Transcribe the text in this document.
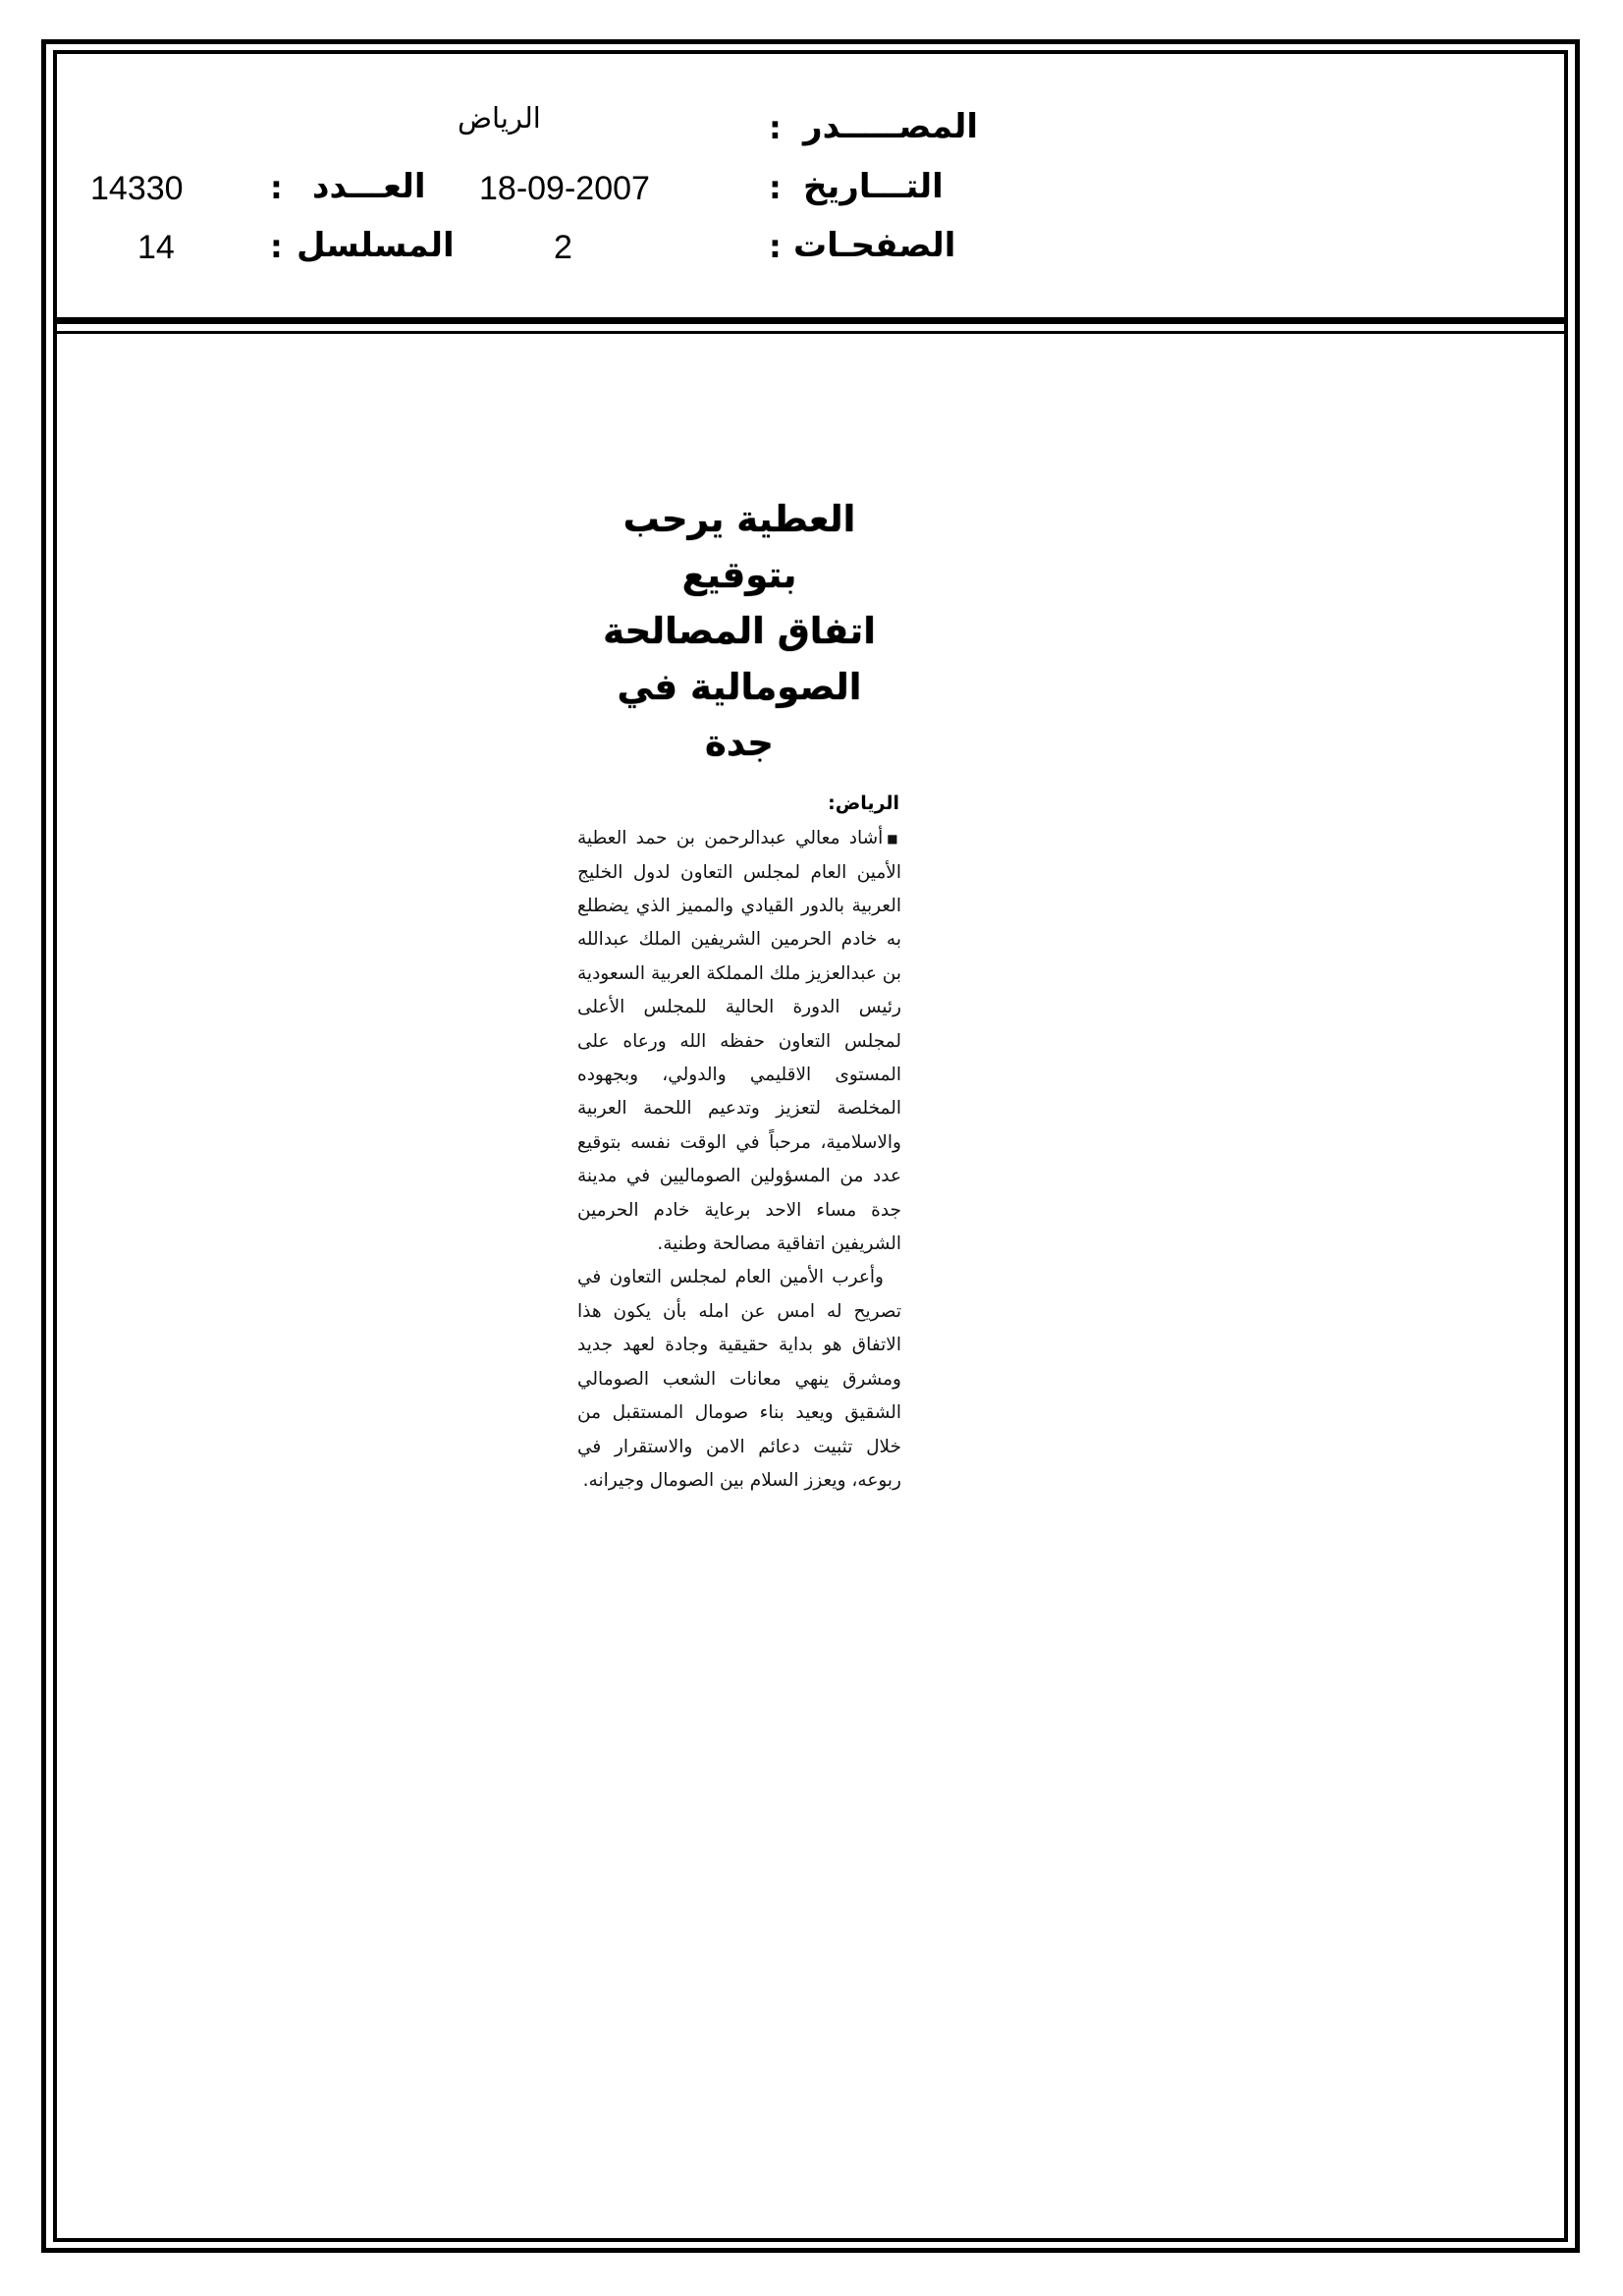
المصـــــدر
:
الرياض
التـــاريخ
:
18-09-2007
العـــدد
:
14330
الصفحـات
:
2
المسلسل
:
14
العطية يرحب بتوقيع
اتفاق المصالحة
الصومالية في جدة
الرياض:

■أشاد معالي عبدالرحمن بن حمد العطية الأمين العام لمجلس التعاون لدول الخليج العربية بالدور القيادي والمميز الذي يضطلع به خادم الحرمين الشريفين الملك عبدالله بن عبدالعزيز ملك المملكة العربية السعودية رئيس الدورة الحالية للمجلس الأعلى لمجلس التعاون حفظه الله ورعاه على المستوى الاقليمي والدولي، وبجهوده المخلصة لتعزيز وتدعيم اللحمة العربية والاسلامية، مرحباً في الوقت نفسه بتوقيع عدد من المسؤولين الصوماليين في مدينة جدة مساء الاحد برعاية خادم الحرمين الشريفين اتفاقية مصالحة وطنية.

وأعرب الأمين العام لمجلس التعاون في تصريح له امس عن امله بأن يكون هذا الاتفاق هو بداية حقيقية وجادة لعهد جديد ومشرق ينهي معانات الشعب الصومالي الشقيق ويعيد بناء صومال المستقبل من خلال تثبيت دعائم الامن والاستقرار في ربوعه، ويعزز السلام بين الصومال وجيرانه.
